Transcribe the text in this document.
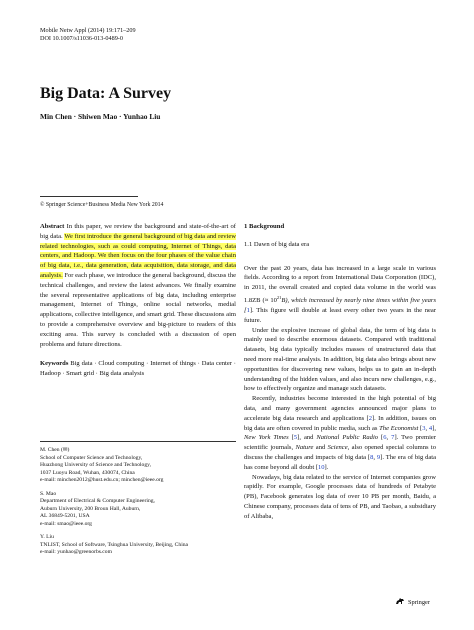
Mobile Netw Appl (2014) 19:171–209
DOI 10.1007/s11036-013-0489-0
Big Data: A Survey
Min Chen · Shiwen Mao · Yunhao Liu
© Springer Science+Business Media New York 2014

Abstract In this paper, we review the background and state-of-the-art of big data. We first introduce the general background of big data and review related technologies, such as could computing, Internet of Things, data centers, and Hadoop. We then focus on the four phases of the value chain of big data, i.e., data generation, data acquisition, data storage, and data analysis. For each phase, we introduce the general background, discuss the technical challenges, and review the latest advances. We finally examine the several representative applications of big data, including enterprise management, Internet of Things, online social networks, medial applications, collective intelligence, and smart grid. These discussions aim to provide a comprehensive overview and big-picture to readers of this exciting area. This survey is concluded with a discussion of open problems and future directions.

Keywords Big data · Cloud computing · Internet of things · Data center · Hadoop · Smart grid · Big data analysis

M. Chen (✉)
School of Computer Science and Technology,
Huazhong University of Science and Technology,
1037 Luoyu Road, Wuhan, 430074, China
e-mail: minchen2012@hust.edu.cn; minchen@ieee.org
S. Mao
Department of Electrical & Computer Engineering,
Auburn University, 200 Broun Hall, Auburn,
AL 36849-5201, USA
e-mail: smao@ieee.org
Y. Liu
TNLIST, School of Software, Tsinghua University, Beijing, China
e-mail: yunhao@greenorbs.com

1 Background

1.1 Dawn of big data era

Over the past 20 years, data has increased in a large scale in various fields. According to a report from International Data Corporation (IDC), in 2011, the overall created and copied data volume in the world was 1.8ZB (≈ $10^{21}B$), which increased by nearly nine times within five years [1]. This figure will double at least every other two years in the near future.

Under the explosive increase of global data, the term of big data is mainly used to describe enormous datasets. Compared with traditional datasets, big data typically includes masses of unstructured data that need more real-time analysis. In addition, big data also brings about new opportunities for discovering new values, helps us to gain an in-depth understanding of the hidden values, and also incurs new challenges, e.g., how to effectively organize and manage such datasets.

Recently, industries become interested in the high potential of big data, and many government agencies announced major plans to accelerate big data research and applications [2]. In addition, issues on big data are often covered in public media, such as The Economist [3, 4], New York Times [5], and National Public Radio [6, 7]. Two premier scientific journals, Nature and Science, also opened special columns to discuss the challenges and impacts of big data [8, 9]. The era of big data has come beyond all doubt [10].

Nowadays, big data related to the service of Internet companies grow rapidly. For example, Google processes data of hundreds of Petabyte (PB), Facebook generates log data of over 10 PB per month, Baidu, a Chinese company, processes data of tens of PB, and Taobao, a subsidiary of Alibaba,

Springer
